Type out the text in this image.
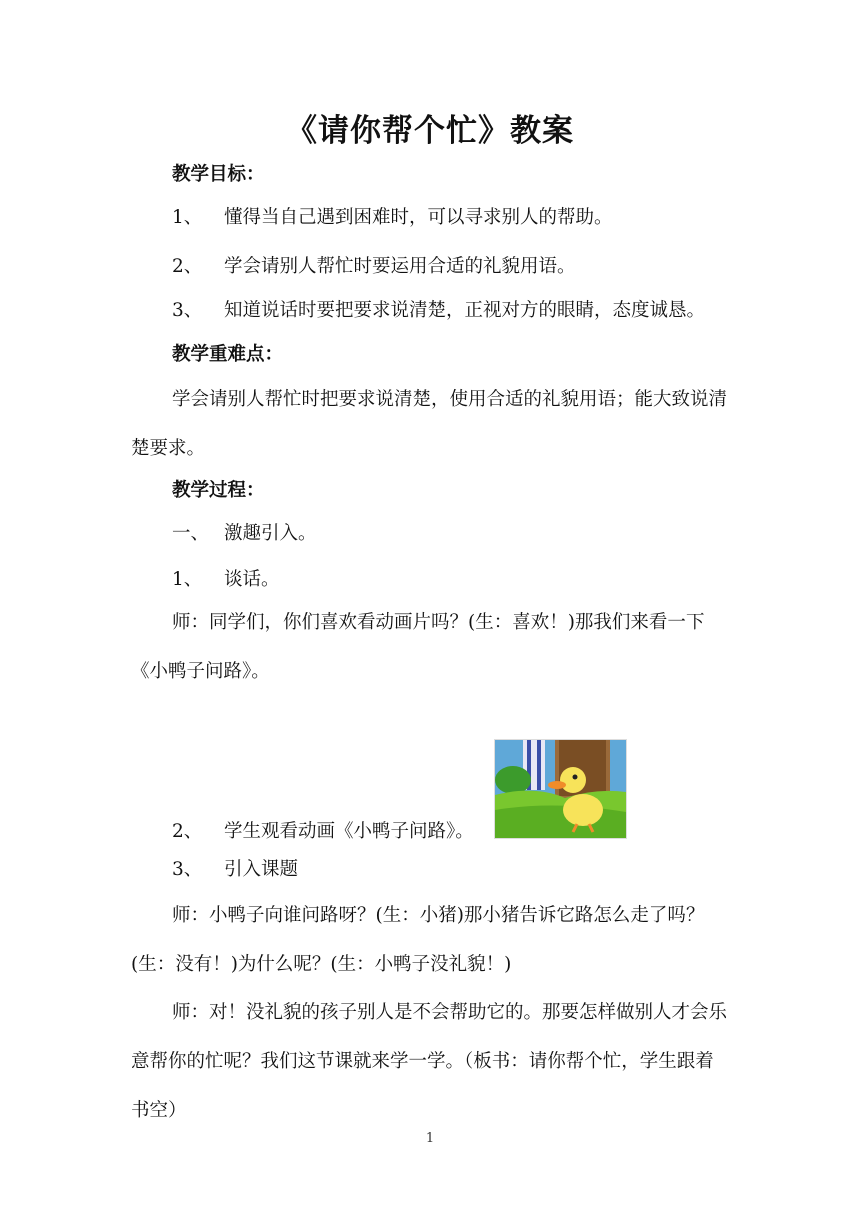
《请你帮个忙》教案
教学目标：
1、 懂得当自己遇到困难时，可以寻求别人的帮助。
2、 学会请别人帮忙时要运用合适的礼貌用语。
3、 知道说话时要把要求说清楚，正视对方的眼睛，态度诚恳。
教学重难点：
学会请别人帮忙时把要求说清楚，使用合适的礼貌用语；能大致说清楚要求。
教学过程：
一、 激趣引入。
1、 谈话。
师：同学们，你们喜欢看动画片吗？(生：喜欢！)那我们来看一下《小鸭子问路》。
2、 学生观看动画《小鸭子问路》。
3、 引入课题
师：小鸭子向谁问路呀？(生：小猪)那小猪告诉它路怎么走了吗？(生：没有！)为什么呢？(生：小鸭子没礼貌！)
师：对！没礼貌的孩子别人是不会帮助它的。那要怎样做别人才会乐意帮你的忙呢？我们这节课就来学一学。（板书：请你帮个忙，学生跟着书空）
1
